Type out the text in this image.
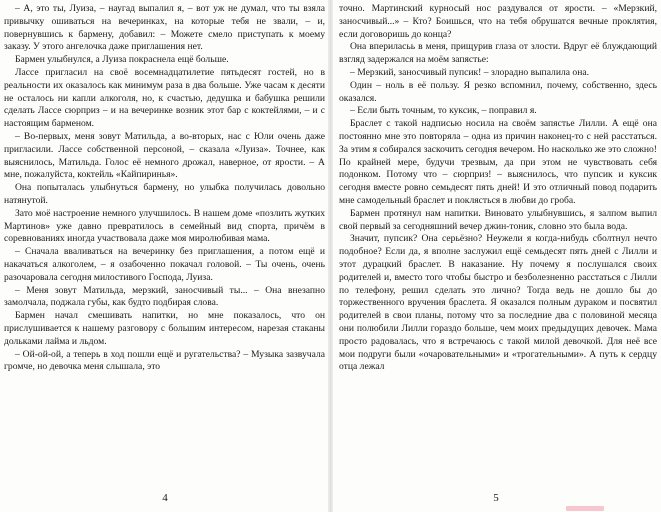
– А, это ты, Луиза, – наугад выпалил я, – вот уж не думал, что ты взяла привычку ошиваться на вечеринках, на которые тебя не звали, – и, повернувшись к бармену, добавил: – Можете смело приступать к моему заказу. У этого ангелочка даже приглашения нет.

Бармен улыбнулся, а Луиза покраснела ещё больше.

Лассе пригласил на своё восемнадцатилетие пятьдесят гостей, но в реальности их оказалось как минимум раза в два больше. Уже часам к десяти не осталось ни капли алкоголя, но, к счастью, дедушка и бабушка решили сделать Лассе сюрприз – и на вечеринке возник этот бар с коктейлями, – и с настоящим барменом.

– Во-первых, меня зовут Матильда, а во-вторых, нас с Юли очень даже пригласили. Лассе собственной персоной, – сказала «Луиза». Точнее, как выяснилось, Матильда. Голос её немного дрожал, наверное, от ярости. – А мне, пожалуйста, коктейль «Кайпиринья».

Она попыталась улыбнуться бармену, но улыбка получилась довольно натянутой.

Зато моё настроение немного улучшилось. В нашем доме «позлить жутких Мартинов» уже давно превратилось в семейный вид спорта, причём в соревнованиях иногда участвовала даже моя миролюбивая мама.

– Сначала вваливаться на вечеринку без приглашения, а потом ещё и накачаться алкоголем, – я озабоченно покачал головой. – Ты очень, очень разочаровала сегодня милостивого Господа, Луиза.

– Меня зовут Матильда, мерзкий, заносчивый ты... – Она внезапно замолчала, поджала губы, как будто подбирая слова.

Бармен начал смешивать напитки, но мне показалось, что он прислушивается к нашему разговору с большим интересом, нарезая стаканы дольками лайма и льдом.

– Ой-ой-ой, а теперь в ход пошли ещё и ругательства? – Музыка зазвучала громче, но девочка меня слышала, это

4

точно. Мартинский курносый нос раздувался от ярости. – «Мерзкий, заносчивый...» – Кто? Боишься, что на тебя обрушатся вечные проклятия, если договоришь до конца?

Она впериласьь в меня, прищурив глаза от злости. Вдруг её блуждающий взгляд задержался на моём запястье:

– Мерзкий, заносчивый пупсик! – злорадно выпалила она.

Один – ноль в её пользу. Я резко вспомнил, почему, собственно, здесь оказался.

– Если быть точным, то куксик, – поправил я.

Браслет с такой надписью носила на своём запястье Лилли. А ещё она постоянно мне это повторяла – одна из причин наконец-то с ней расстаться. За этим я собирался заскочить сегодня вечером. Но насколько же это сложно! По крайней мере, будучи трезвым, да при этом не чувствовать себя подонком. Потому что – сюрприз! – выяснилось, что пупсик и куксик сегодня вместе ровно семьдесят пять дней! И это отличный повод подарить мне самодельный браслет и поклясться в любви до гроба.

Бармен протянул нам напитки. Виновато улыбнувшись, я залпом выпил свой первый за сегодняшний вечер джин-тоник, словно это была вода.

Значит, пупсик? Она серьёзно? Неужели я когда-нибудь сболтнул нечто подобное? Если да, я вполне заслужил ещё семьдесят пять дней с Лилли и этот дурацкий браслет. В наказание. Ну почему я послушался своих родителей и, вместо того чтобы быстро и безболезненно расстаться с Лилли по телефону, решил сделать это лично? Тогда ведь не дошло бы до торжественного вручения браслета. Я оказался полным дураком и посвятил родителей в свои планы, потому что за последние два с половиной месяца они полюбили Лилли гораздо больше, чем моих предыдущих девочек. Мама просто радовалась, что я встречаюсь с такой милой девочкой. Для неё все мои подруги были «очаровательными» и «трогательными». А путь к сердцу отца лежал

5
